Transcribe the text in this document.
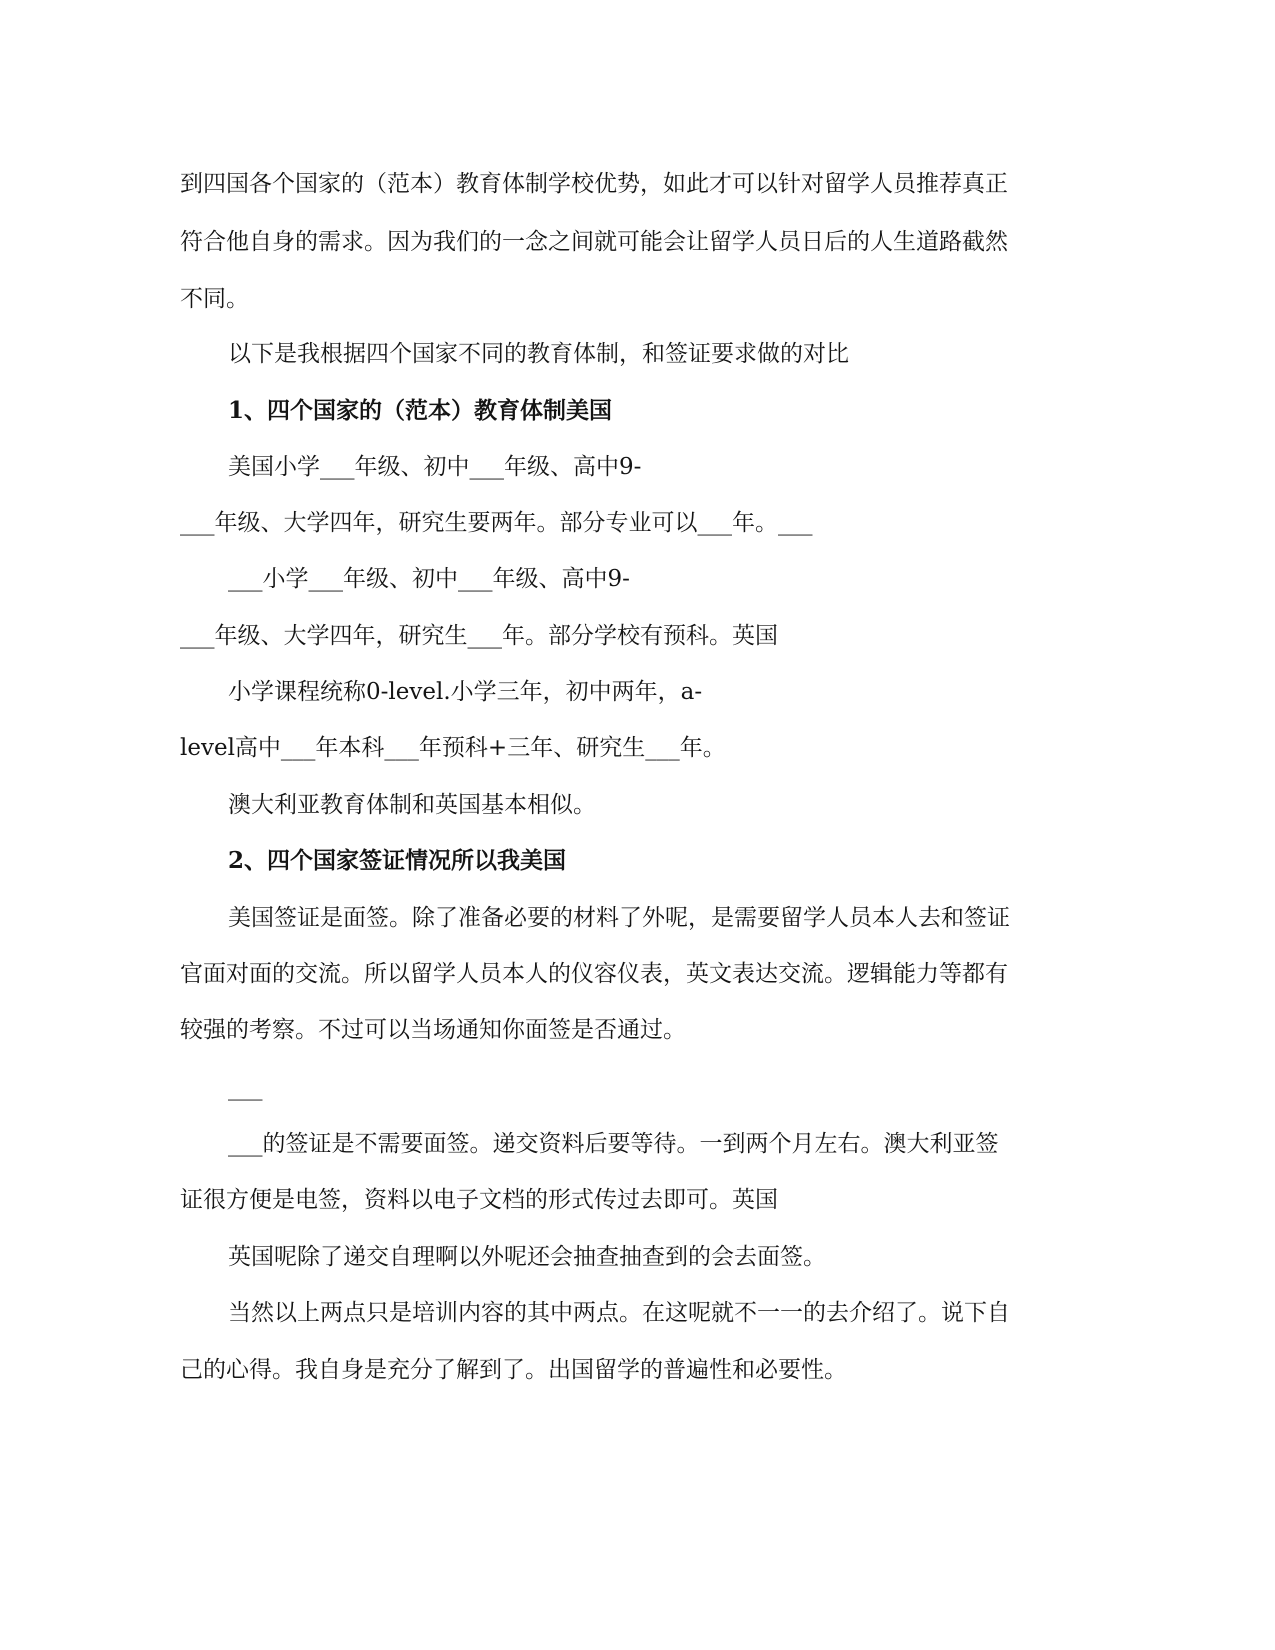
到四国各个国家的（范本）教育体制学校优势，如此才可以针对留学人员推荐真正

符合他自身的需求。因为我们的一念之间就可能会让留学人员日后的人生道路截然

不同。

以下是我根据四个国家不同的教育体制，和签证要求做的对比

1、四个国家的（范本）教育体制美国

美国小学___年级、初中___年级、高中9-

___年级、大学四年，研究生要两年。部分专业可以___年。___

___小学___年级、初中___年级、高中9-

___年级、大学四年，研究生___年。部分学校有预科。英国

小学课程统称0-level.小学三年，初中两年，a-

level高中___年本科___年预科+三年、研究生___年。

澳大利亚教育体制和英国基本相似。

2、四个国家签证情况所以我美国

美国签证是面签。除了准备必要的材料了外呢，是需要留学人员本人去和签证

官面对面的交流。所以留学人员本人的仪容仪表，英文表达交流。逻辑能力等都有

较强的考察。不过可以当场通知你面签是否通过。

___

___的签证是不需要面签。递交资料后要等待。一到两个月左右。澳大利亚签

证很方便是电签，资料以电子文档的形式传过去即可。英国

英国呢除了递交自理啊以外呢还会抽查抽查到的会去面签。

当然以上两点只是培训内容的其中两点。在这呢就不一一的去介绍了。说下自

己的心得。我自身是充分了解到了。出国留学的普遍性和必要性。
